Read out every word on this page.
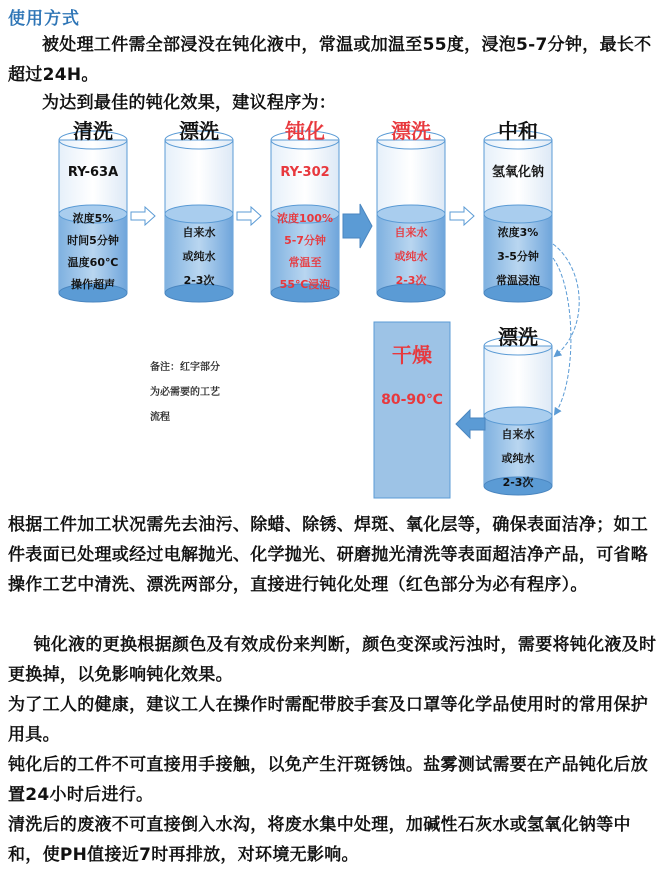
使用方式

被处理工件需全部浸没在钝化液中，常温或加温至55度，浸泡5-7分钟，最长不超过24H。

为达到最佳的钝化效果，建议程序为：

清洗
RY-63A
浓度5%
时间5分钟
温度60℃
操作超声
漂洗
自来水
或纯水
2-3次
钝化
RY-302
浓度100%
5-7分钟
常温至
55℃浸泡
漂洗
自来水
或纯水
2-3次
中和
氢氧化钠
浓度3%
3-5分钟
常温浸泡
漂洗
自来水
或纯水
2-3次
干燥
80-90℃
备注：红字部分
为必需要的工艺
流程

根据工件加工状况需先去油污、除蜡、除锈、焊斑、氧化层等，确保表面洁净；如工件表面已处理或经过电解抛光、化学抛光、研磨抛光清洗等表面超洁净产品，可省略操作工艺中清洗、漂洗两部分，直接进行钝化处理（红色部分为必有程序）。

钝化液的更换根据颜色及有效成份来判断，颜色变深或污浊时，需要将钝化液及时更换掉，以免影响钝化效果。

为了工人的健康，建议工人在操作时需配带胶手套及口罩等化学品使用时的常用保护用具。

钝化后的工件不可直接用手接触，以免产生汗斑锈蚀。盐雾测试需要在产品钝化后放置24小时后进行。

清洗后的废液不可直接倒入水沟，将废水集中处理，加碱性石灰水或氢氧化钠等中和，使PH值接近7时再排放，对环境无影响。
